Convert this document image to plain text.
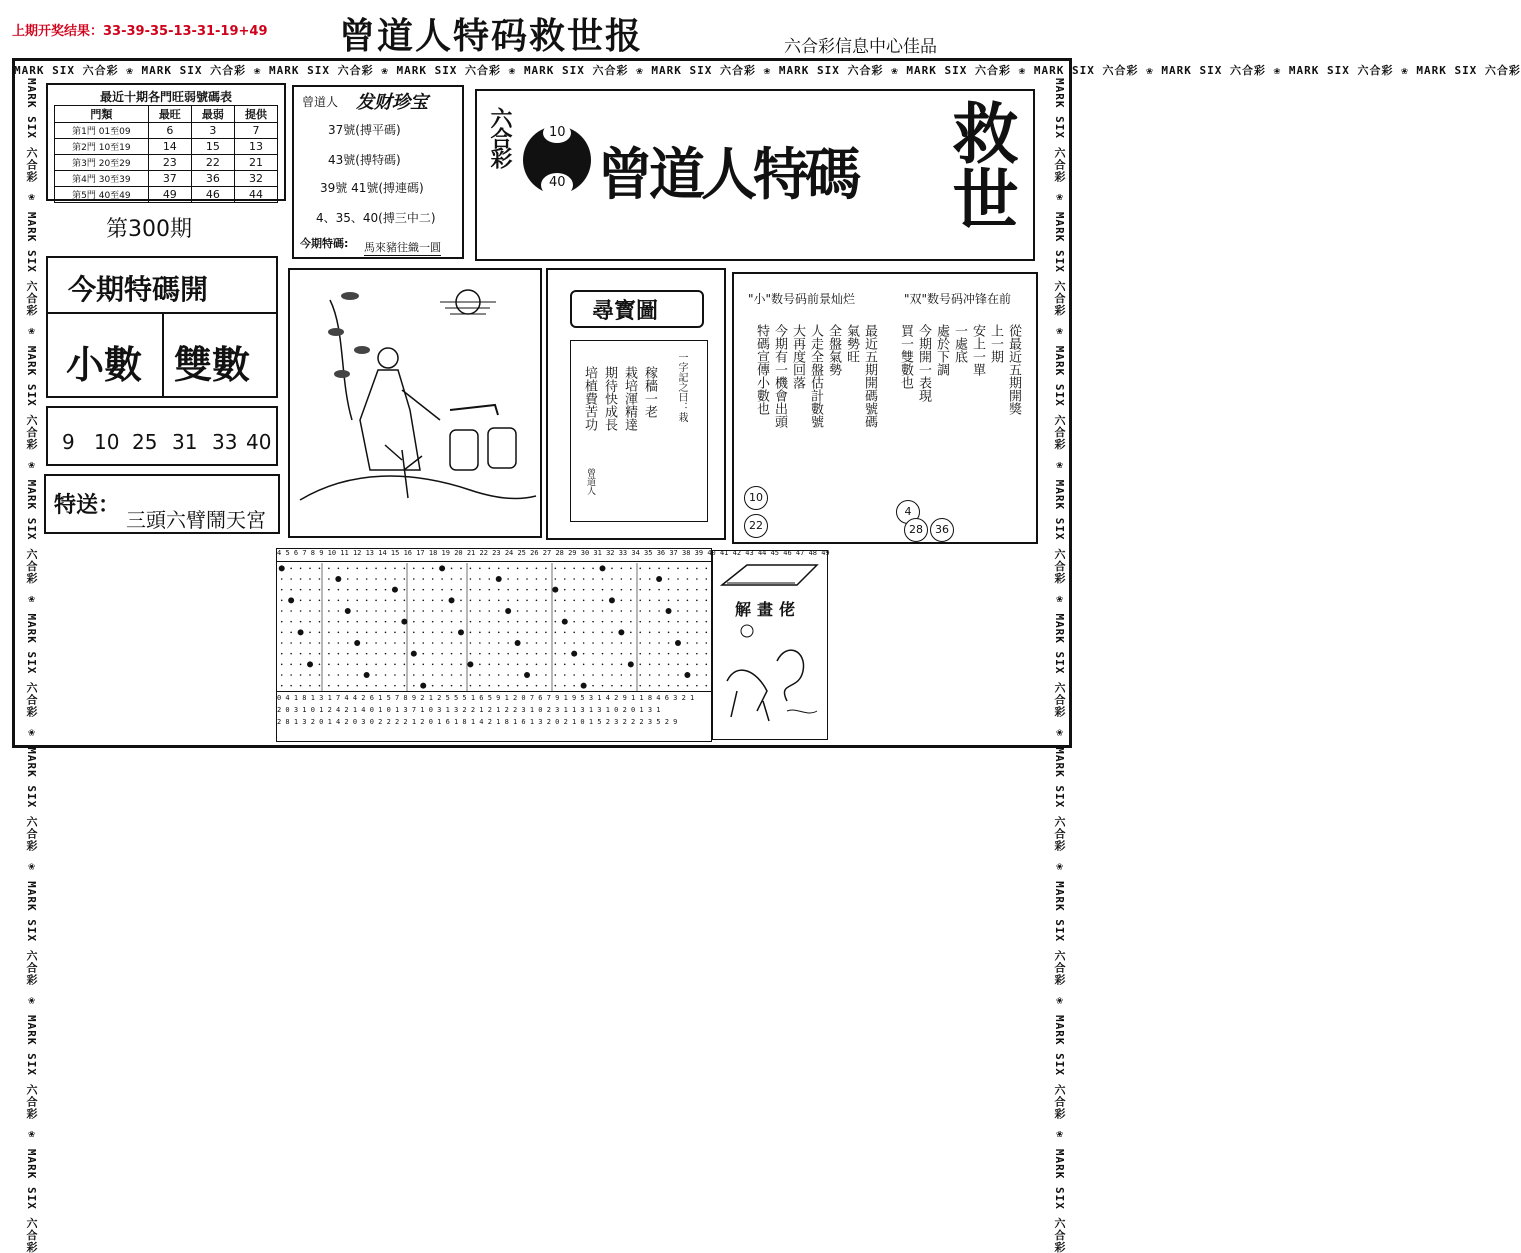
上期开奖结果：33-39-35-13-31-19+49 曾道人特码救世报	六合彩信息中心佳品
MARK SIX 六合彩 ❀ MARK SIX 六合彩 ❀ MARK SIX 六合彩 ❀ MARK SIX 六合彩 ❀ MARK SIX 六合彩 ❀ MARK SIX 六合彩 ❀ MARK SIX 六合彩 ❀ MARK SIX 六合彩 ❀ MARK SIX 六合彩 ❀ MARK SIX 六合彩 ❀ MARK SIX 六合彩 ❀ MARK SIX 六合彩
MARK SIX 六合彩 ❀ MARK SIX 六合彩 ❀ MARK SIX 六合彩 ❀ MARK SIX 六合彩 ❀ MARK SIX 六合彩 ❀ MARK SIX 六合彩 ❀ MARK SIX 六合彩 ❀ MARK SIX 六合彩 ❀ MARK SIX 六合彩
MARK SIX 六合彩 ❀ MARK SIX 六合彩 ❀ MARK SIX 六合彩 ❀ MARK SIX 六合彩 ❀ MARK SIX 六合彩 ❀ MARK SIX 六合彩 ❀ MARK SIX 六合彩 ❀ MARK SIX 六合彩 ❀ MARK SIX 六合彩
最近十期各門旺弱號碼表
門類	最旺	最弱	提供
第1門 01至09	6	3	7
第2門 10至19	14	15	13
第3門 20至29	23	22	21
第4門 30至39	37	36	32
第5門 40至49	49	46	44
第300期
曾道人 发财珍宝
37號(搏平碼)
43號(搏特碼)
39號 41號(搏連碼)
4、35、40(搏三中二)
今期特碼: 馬來豬往織一圓
六合彩	10
40 曾道人特碼 救世
今期特碼開
小數 雙數
9 10 25 31 33 40
特送：
三頭六臂鬧天宮
尋寳圖
培植費苦功 期待快成長 栽培渾精達 稼穡一老 一字記之曰：栽
曾道人
"小"数号码前景灿烂	"双"数号码冲锋在前
特碼宣傳小數也 今期有一機會出頭 大再度回落 人走全盤估計數號 全盤氣勢 氣勢旺 最近五期開碼號碼 買一雙數也 今期開一表現 處於下調 一處底 安上一單 上一期 從最近五期開獎
10
22
4
28	36
解畫佬
4 5 6 7 8 9 10 11 12 13 14 15 16 17 18 19 20 21 22 23 24 25 26 27 28 29 30 31 32 33 34 35 36 37 38 39 40 41 42 43 44 45 46 47 48 49
0 4 1 8 1 3 1 7 4 4 2 6 1 5 7 8 9 2 1 2 5 5 5 1 6 5 9 1 2 0 7 6 7 9 1 9 5 3 1 4 2 9 1 1 8 4 6 3 2 1
2 0 3 1 0 1 2 4 2 1 4 0 1 0 1 3 7 1 0 3 1 3 2 2 1 2 1 2 2 3 1 0 2 3 1 1 3 1 3 1 0 2 0 1 3 1
2 8 1 3 2 0 1 4 2 0 3 0 2 2 2 2 1 2 0 1 6 1 8 1 4 2 1 8 1 6 1 3 2 0 2 1 0 1 5 2 3 2 2 2 3 5 2 9
